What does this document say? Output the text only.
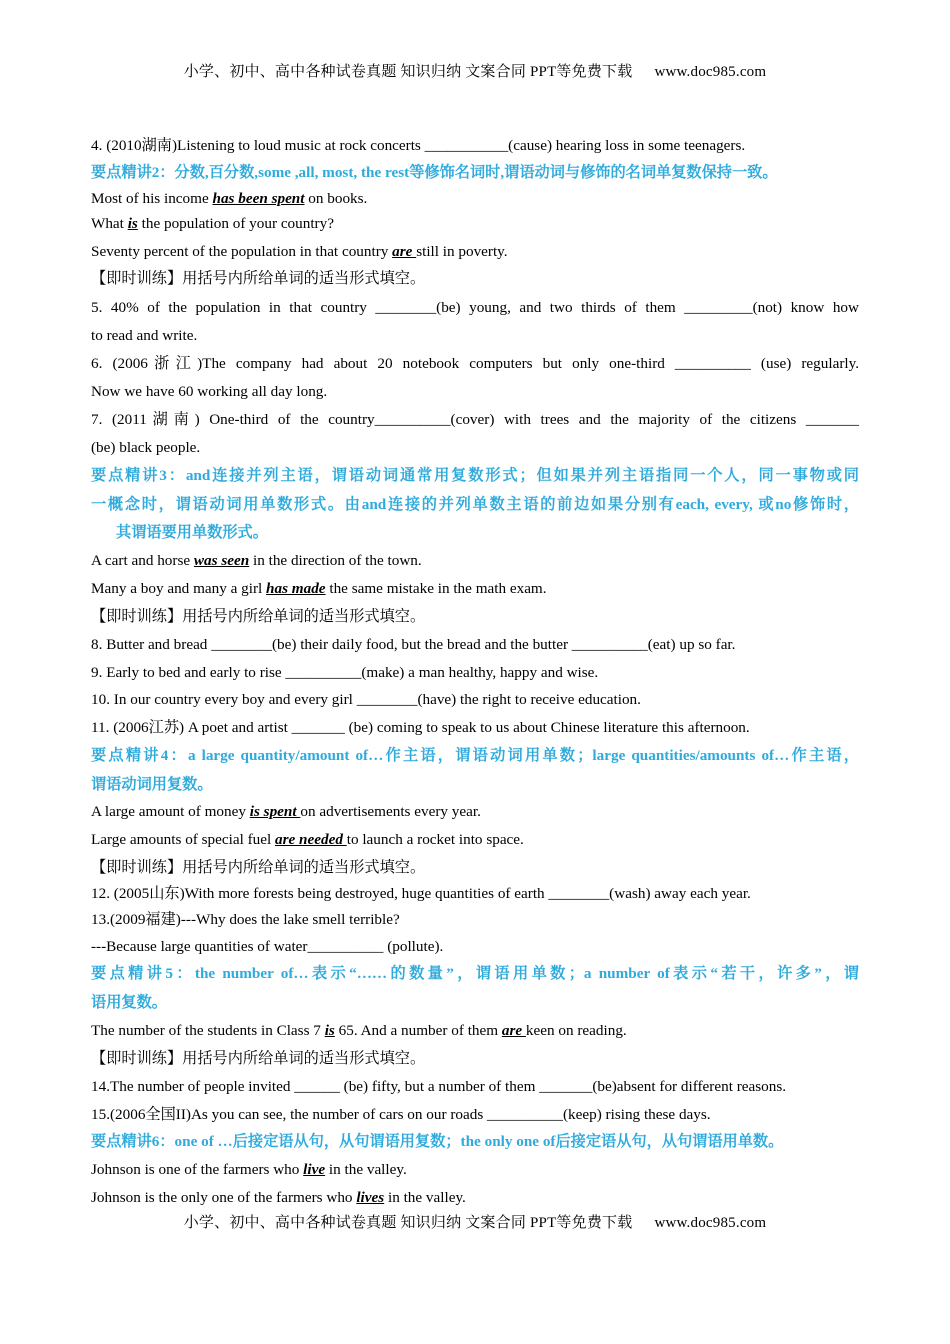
小学、初中、高中各种试卷真题 知识归纳 文案合同 PPT等免费下载 www.doc985.com
4. (2010湖南)Listening to loud music at rock concerts ___________(cause) hearing loss in some teenagers.
要点精讲2：分数,百分数,some ,all, most, the rest等修饰名词时,谓语动词与修饰的名词单复数保持一致。
Most of his income has been spent on books.
What is the population of your country?
Seventy percent of the population in that country are still in poverty.
【即时训练】用括号内所给单词的适当形式填空。
5. 40% of the population in that country ________(be) young, and two thirds of them _________(not) know how
to read and write.
6. (2006浙江)The company had about 20 notebook computers but only one-third __________ (use) regularly.
Now we have 60 working all day long.
7. (2011湖南) One-third of the country__________(cover) with trees and the majority of the citizens _______
(be) black people.
要点精讲3：and连接并列主语，谓语动词通常用复数形式；但如果并列主语指同一个人，同一事物或同
一概念时，谓语动词用单数形式。由and连接的并列单数主语的前边如果分别有each, every, 或no修饰时，
其谓语要用单数形式。
A cart and horse was seen in the direction of the town.
Many a boy and many a girl has made the same mistake in the math exam.
【即时训练】用括号内所给单词的适当形式填空。
8. Butter and bread ________(be) their daily food, but the bread and the butter __________(eat) up so far.
9. Early to bed and early to rise __________(make) a man healthy, happy and wise.
10. In our country every boy and every girl ________(have) the right to receive education.
11. (2006江苏) A poet and artist _______ (be) coming to speak to us about Chinese literature this afternoon.
要点精讲4：a large quantity/amount of…作主语，谓语动词用单数；large quantities/amounts of…作主语，
谓语动词用复数。
A large amount of money is spent on advertisements every year.
Large amounts of special fuel are needed to launch a rocket into space.
【即时训练】用括号内所给单词的适当形式填空。
12. (2005山东)With more forests being destroyed, huge quantities of earth ________(wash) away each year.
13.(2009福建)---Why does the lake smell terrible?
---Because large quantities of water__________ (pollute).
要点精讲5：the number of…表示“……的数量”，谓语用单数；a number of表示“若干，许多”，谓
语用复数。
The number of the students in Class 7 is 65. And a number of them are keen on reading.
【即时训练】用括号内所给单词的适当形式填空。
14.The number of people invited ______ (be) fifty, but a number of them _______(be)absent for different reasons.
15.(2006全国II)As you can see, the number of cars on our roads __________(keep) rising these days.
要点精讲6：one of …后接定语从句，从句谓语用复数；the only one of后接定语从句，从句谓语用单数。
Johnson is one of the farmers who live in the valley.
Johnson is the only one of the farmers who lives in the valley.
小学、初中、高中各种试卷真题 知识归纳 文案合同 PPT等免费下载 www.doc985.com
